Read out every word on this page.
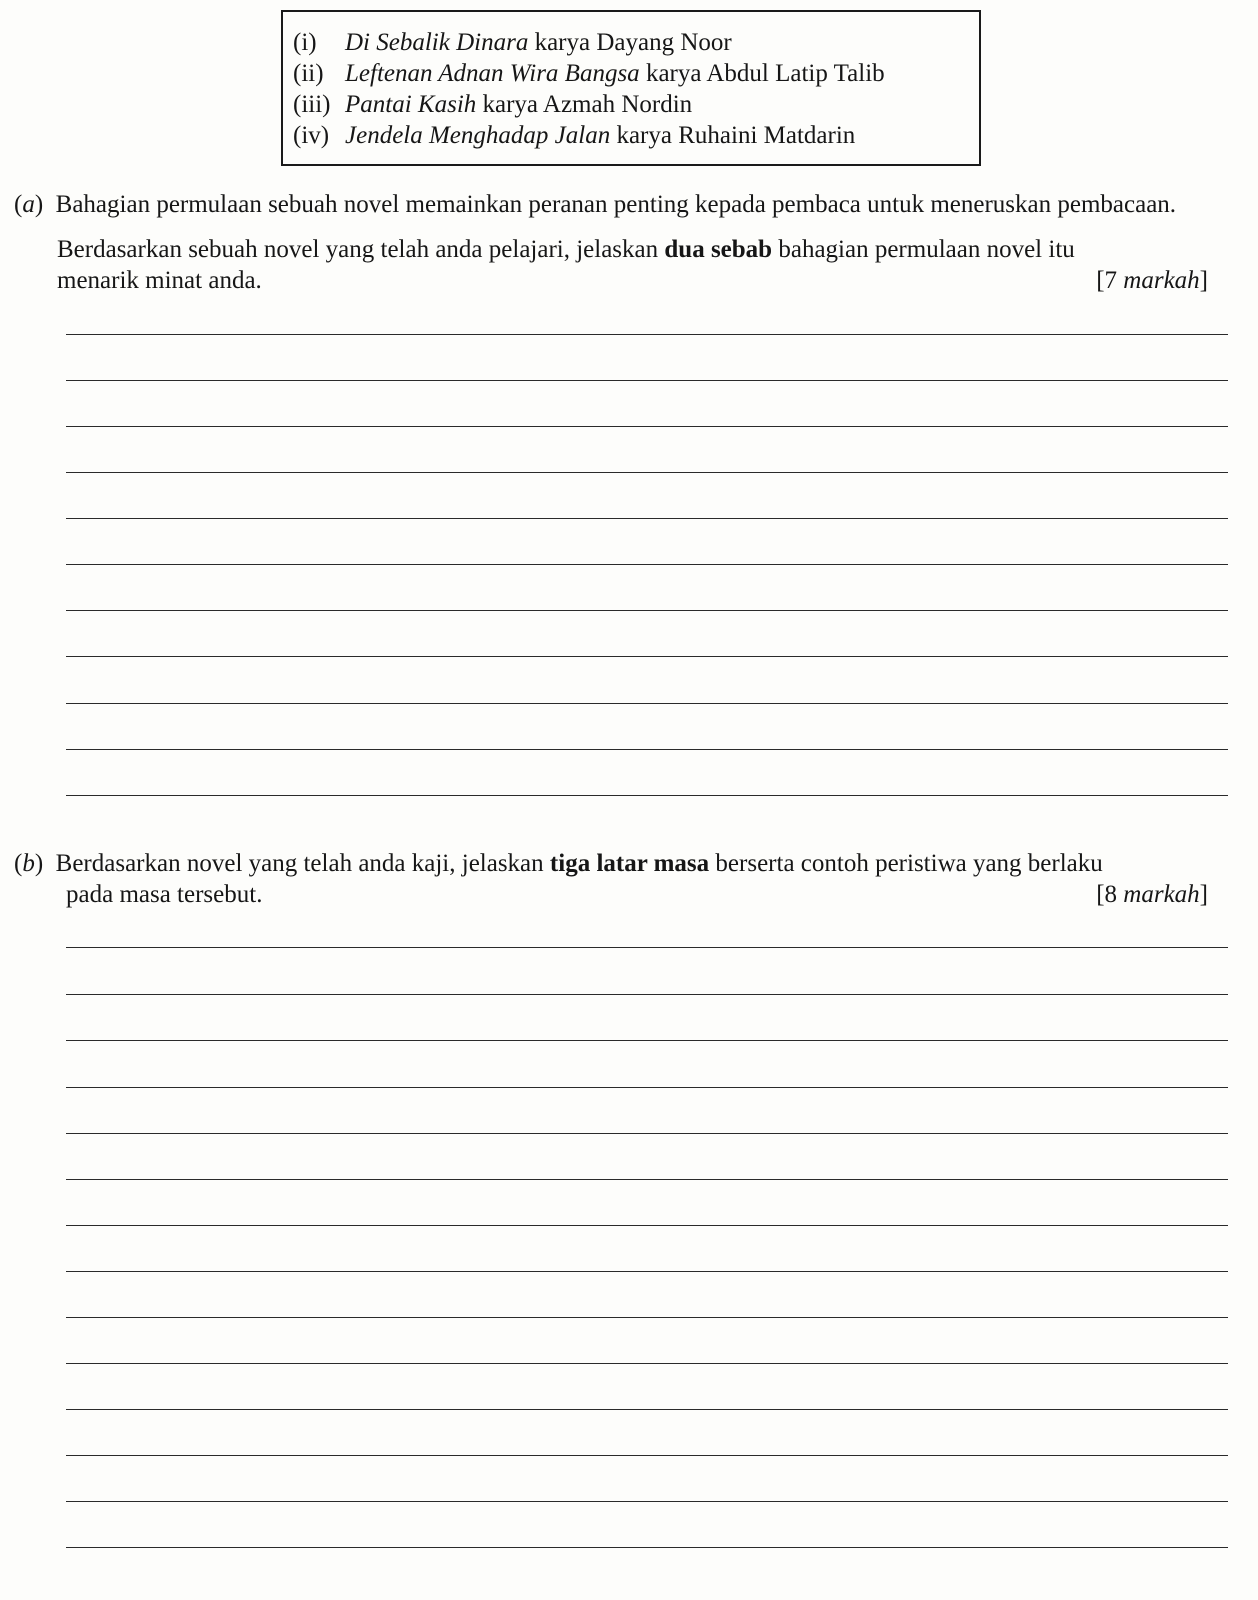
(i) Di Sebalik Dinara karya Dayang Noor
(ii) Leftenan Adnan Wira Bangsa karya Abdul Latip Talib
(iii) Pantai Kasih karya Azmah Nordin
(iv) Jendela Menghadap Jalan karya Ruhaini Matdarin
(a) Bahagian permulaan sebuah novel memainkan peranan penting kepada pembaca untuk meneruskan pembacaan.
Berdasarkan sebuah novel yang telah anda pelajari, jelaskan dua sebab bahagian permulaan novel itu
menarik minat anda.	[7 markah]
(b) Berdasarkan novel yang telah anda kaji, jelaskan tiga latar masa berserta contoh peristiwa yang berlaku
pada masa tersebut.	[8 markah]
